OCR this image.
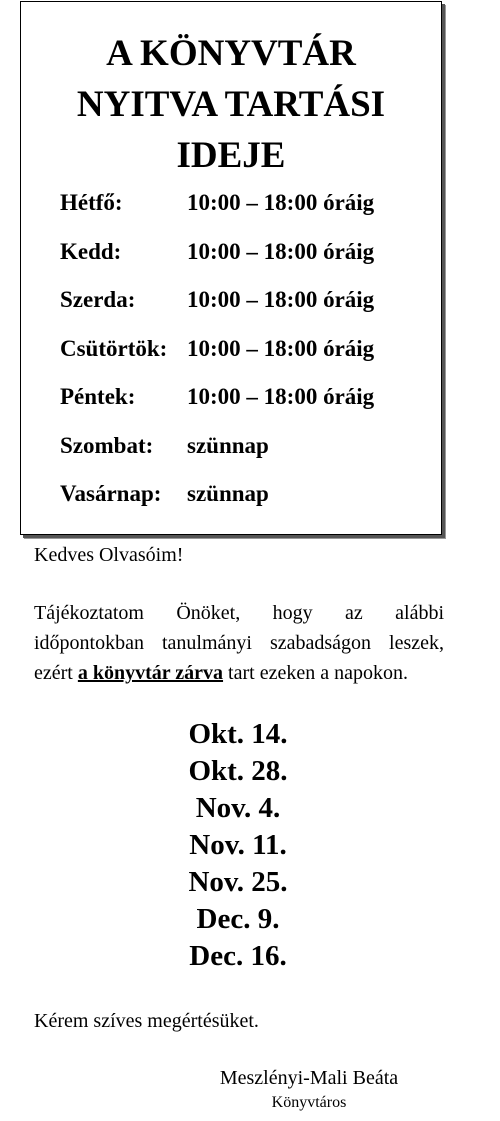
A KÖNYVTÁR
NYITVA TARTÁSI
IDEJE
Hétfő:	10:00 – 18:00 óráig
Kedd:	10:00 – 18:00 óráig
Szerda: 10:00 – 18:00 óráig
Csütörtök: 10:00 – 18:00 óráig
Péntek: 10:00 – 18:00 óráig
Szombat: szünnap
Vasárnap: szünnap
Kedves Olvasóim!

Tájékoztatom Önöket, hogy az alábbi időpontokban tanulmányi szabadságon leszek, ezért a könyvtár zárva tart ezeken a napokon.

Okt. 14.
Okt. 28.
Nov. 4.
Nov. 11.
Nov. 25.
Dec. 9.
Dec. 16.
Kérem szíves megértésüket.
Meszlényi-Mali Beáta
Könyvtáros
